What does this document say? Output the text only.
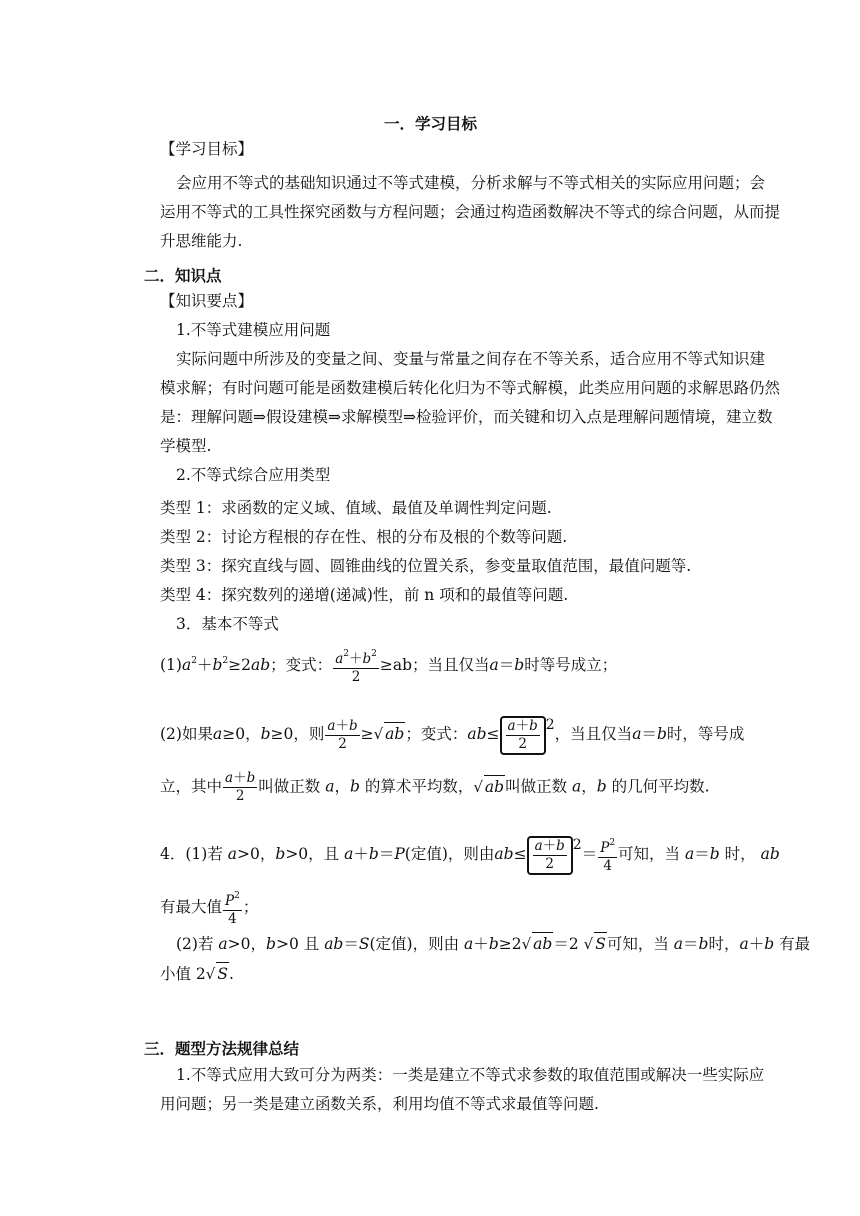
一．学习目标
【学习目标】
会应用不等式的基础知识通过不等式建模，分析求解与不等式相关的实际应用问题；会
运用不等式的工具性探究函数与方程问题；会通过构造函数解决不等式的综合问题，从而提
升思维能力.
二．知识点
【知识要点】
1.不等式建模应用问题
实际问题中所涉及的变量之间、变量与常量之间存在不等关系，适合应用不等式知识建
模求解；有时问题可能是函数建模后转化化归为不等式解模，此类应用问题的求解思路仍然
是：理解问题⇒假设建模⇒求解模型⇒检验评价，而关键和切入点是理解问题情境，建立数
学模型.
2.不等式综合应用类型
类型 1：求函数的定义域、值域、最值及单调性判定问题.
类型 2：讨论方程根的存在性、根的分布及根的个数等问题.
类型 3：探究直线与圆、圆锥曲线的位置关系，参变量取值范围，最值问题等.
类型 4：探究数列的递增(递减)性，前 n 项和的最值等问题.
3．基本不等式
$(1)a^2+b^2\ge 2ab$；变式： $\frac{a^2+b^2}{2} \ge ab$；当且仅当a＝b时等号成立；
(2)如果a≥0，b≥0，则 $\frac{a+b}{2}$ ≥√ ab；变式：$ab\le \frac{a+b}{2} ^2$，当且仅当a＝b时，等号成
立，其中 $\frac{a+b}{2}$ 叫做正数 a，b 的算术平均数，√ ab叫做正数 a，b 的几何平均数.
4．(1)若 a>0，b>0，且 a＋b＝P(定值)，则由$ab\le \frac{a+b}{2} ^2= \frac{P^2}{4}$ 可知，当 a＝b 时， ab
有最大值 $\frac{P^2}{4}$ ；
(2)若 a>0，b>0 且 ab＝S(定值)，则由 a＋b≥2√ ab＝2 √ S可知，当 a＝b时，a＋b 有最
小值 2√ S.
三．题型方法规律总结
1.不等式应用大致可分为两类：一类是建立不等式求参数的取值范围或解决一些实际应
用问题；另一类是建立函数关系，利用均值不等式求最值等问题.
